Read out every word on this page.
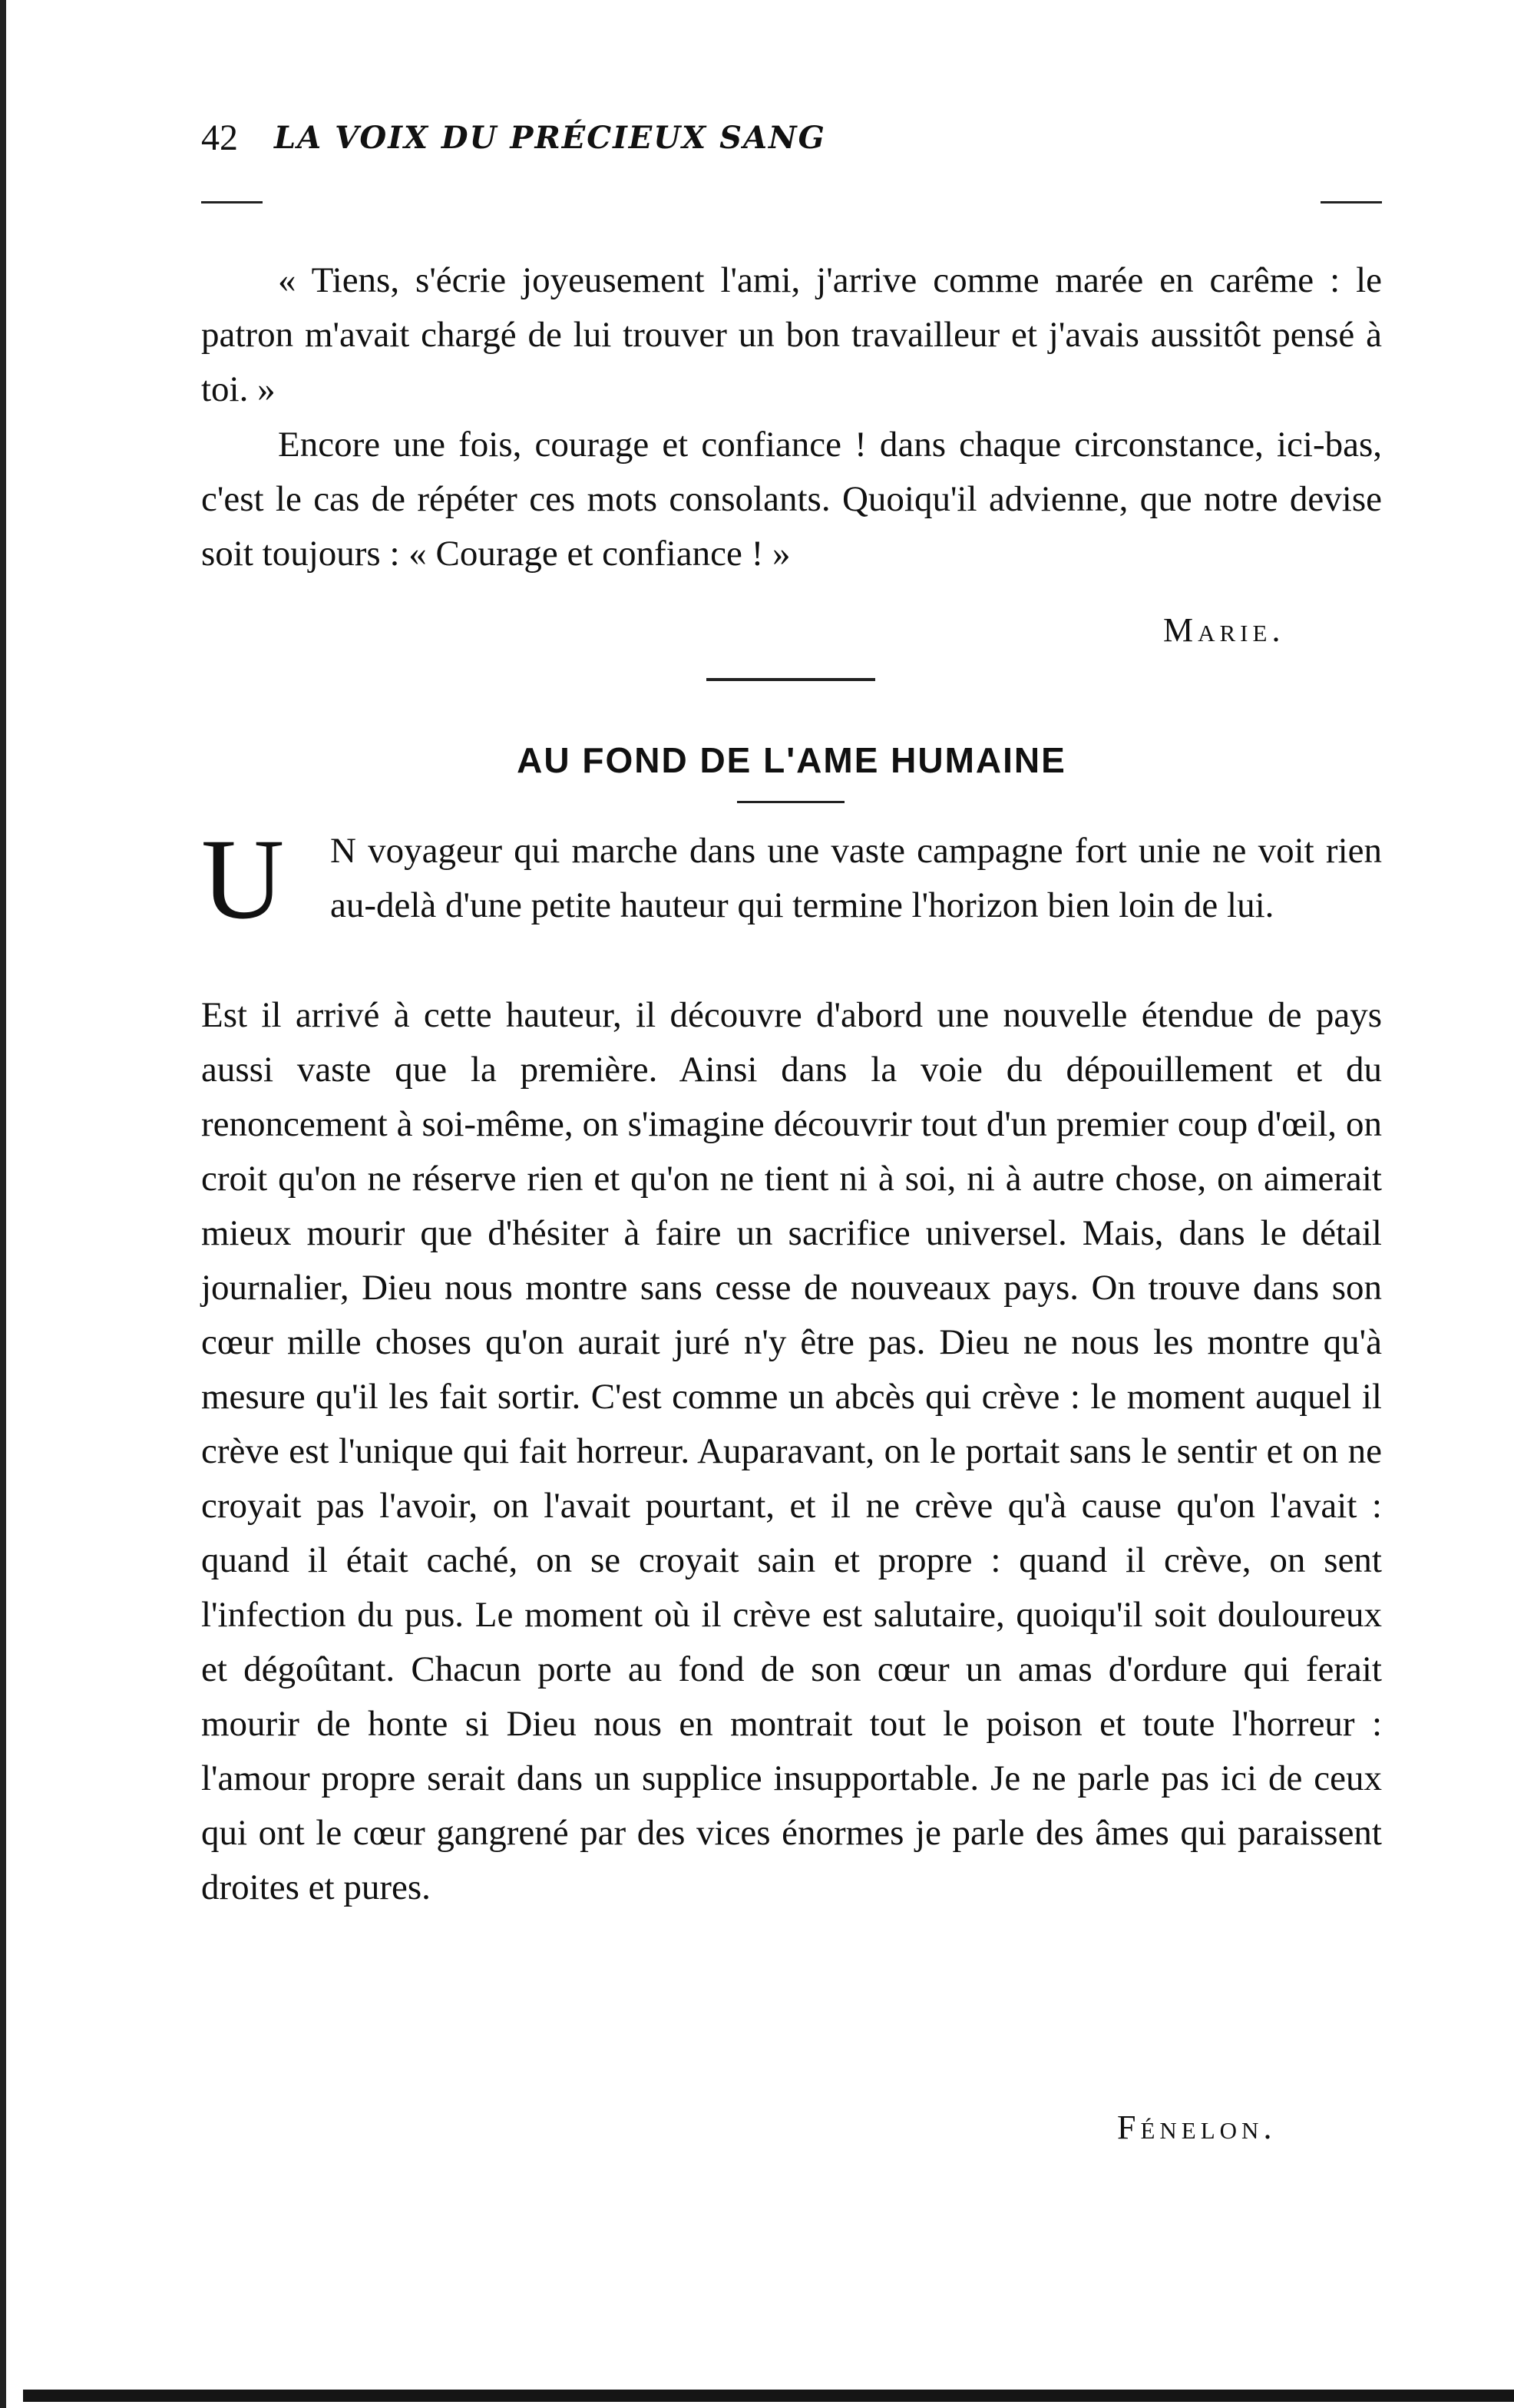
42 LA VOIX DU PRÉCIEUX SANG

« Tiens, s'écrie joyeusement l'ami, j'arrive comme marée en carême : le patron m'avait chargé de lui trouver un bon travailleur et j'avais aussitôt pensé à toi. »

Encore une fois, courage et confiance ! dans chaque circonstance, ici-bas, c'est le cas de répéter ces mots consolants. Quoiqu'il advienne, que notre devise soit toujours : « Courage et confiance ! »

Marie.
AU FOND DE L'AME HUMAINE
U N voyageur qui marche dans une vaste campagne fort unie ne voit rien au-delà d'une petite hauteur qui termine l'horizon bien loin de lui.

Est il arrivé à cette hauteur, il découvre d'abord une nouvelle étendue de pays aussi vaste que la première. Ainsi dans la voie du dépouillement et du renoncement à soi-même, on s'imagine découvrir tout d'un premier coup d'œil, on croit qu'on ne réserve rien et qu'on ne tient ni à soi, ni à autre chose, on aimerait mieux mourir que d'hésiter à faire un sacrifice universel. Mais, dans le détail journalier, Dieu nous montre sans cesse de nouveaux pays. On trouve dans son cœur mille choses qu'on aurait juré n'y être pas. Dieu ne nous les montre qu'à mesure qu'il les fait sortir. C'est comme un abcès qui crève : le moment auquel il crève est l'unique qui fait horreur. Auparavant, on le portait sans le sentir et on ne croyait pas l'avoir, on l'avait pourtant, et il ne crève qu'à cause qu'on l'avait : quand il était caché, on se croyait sain et propre : quand il crève, on sent l'infection du pus. Le moment où il crève est salutaire, quoiqu'il soit douloureux et dégoûtant. Chacun porte au fond de son cœur un amas d'ordure qui ferait mourir de honte si Dieu nous en montrait tout le poison et toute l'horreur : l'amour propre serait dans un supplice insupportable. Je ne parle pas ici de ceux qui ont le cœur gangrené par des vices énormes je parle des âmes qui paraissent droites et pures.

Fénelon.
